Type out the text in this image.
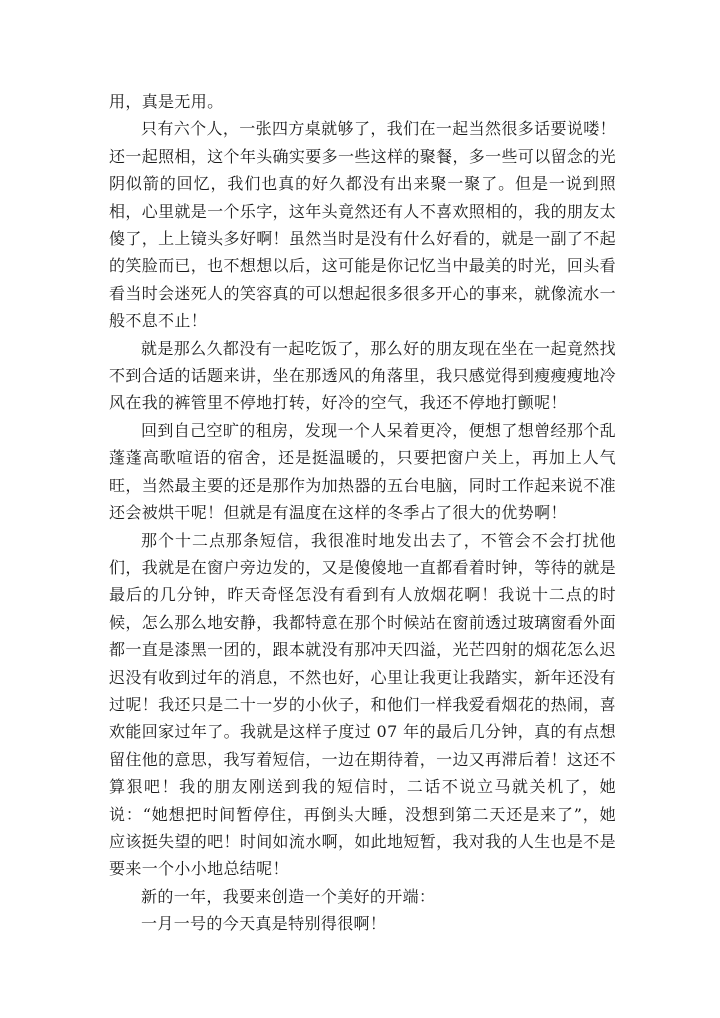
用，真是无用。

只有六个人，一张四方桌就够了，我们在一起当然很多话要说喽！还一起照相，这个年头确实要多一些这样的聚餐，多一些可以留念的光阴似箭的回忆，我们也真的好久都没有出来聚一聚了。但是一说到照相，心里就是一个乐字，这年头竟然还有人不喜欢照相的，我的朋友太傻了，上上镜头多好啊！虽然当时是没有什么好看的，就是一副了不起的笑脸而已，也不想想以后，这可能是你记忆当中最美的时光，回头看看当时会迷死人的笑容真的可以想起很多很多开心的事来，就像流水一般不息不止！

就是那么久都没有一起吃饭了，那么好的朋友现在坐在一起竟然找不到合适的话题来讲，坐在那透风的角落里，我只感觉得到瘦瘦瘦地冷风在我的裤管里不停地打转，好冷的空气，我还不停地打颤呢！

回到自己空旷的租房，发现一个人呆着更冷，便想了想曾经那个乱蓬蓬高歌喧语的宿舍，还是挺温暖的，只要把窗户关上，再加上人气旺，当然最主要的还是那作为加热器的五台电脑，同时工作起来说不准还会被烘干呢！但就是有温度在这样的冬季占了很大的优势啊！

那个十二点那条短信，我很准时地发出去了，不管会不会打扰他们，我就是在窗户旁边发的，又是傻傻地一直都看着时钟，等待的就是最后的几分钟，昨天奇怪怎没有看到有人放烟花啊！我说十二点的时候，怎么那么地安静，我都特意在那个时候站在窗前透过玻璃窗看外面都一直是漆黑一团的，跟本就没有那冲天四溢，光芒四射的烟花怎么迟迟没有收到过年的消息，不然也好，心里让我更让我踏实，新年还没有过呢！我还只是二十一岁的小伙子，和他们一样我爱看烟花的热闹，喜欢能回家过年了。我就是这样子度过 07 年的最后几分钟，真的有点想留住他的意思，我写着短信，一边在期待着，一边又再滞后着！这还不算狠吧！我的朋友刚送到我的短信时，二话不说立马就关机了，她说：“她想把时间暂停住，再倒头大睡，没想到第二天还是来了”，她应该挺失望的吧！时间如流水啊，如此地短暂，我对我的人生也是不是要来一个小小地总结呢！

新的一年，我要来创造一个美好的开端：

一月一号的今天真是特别得很啊！
